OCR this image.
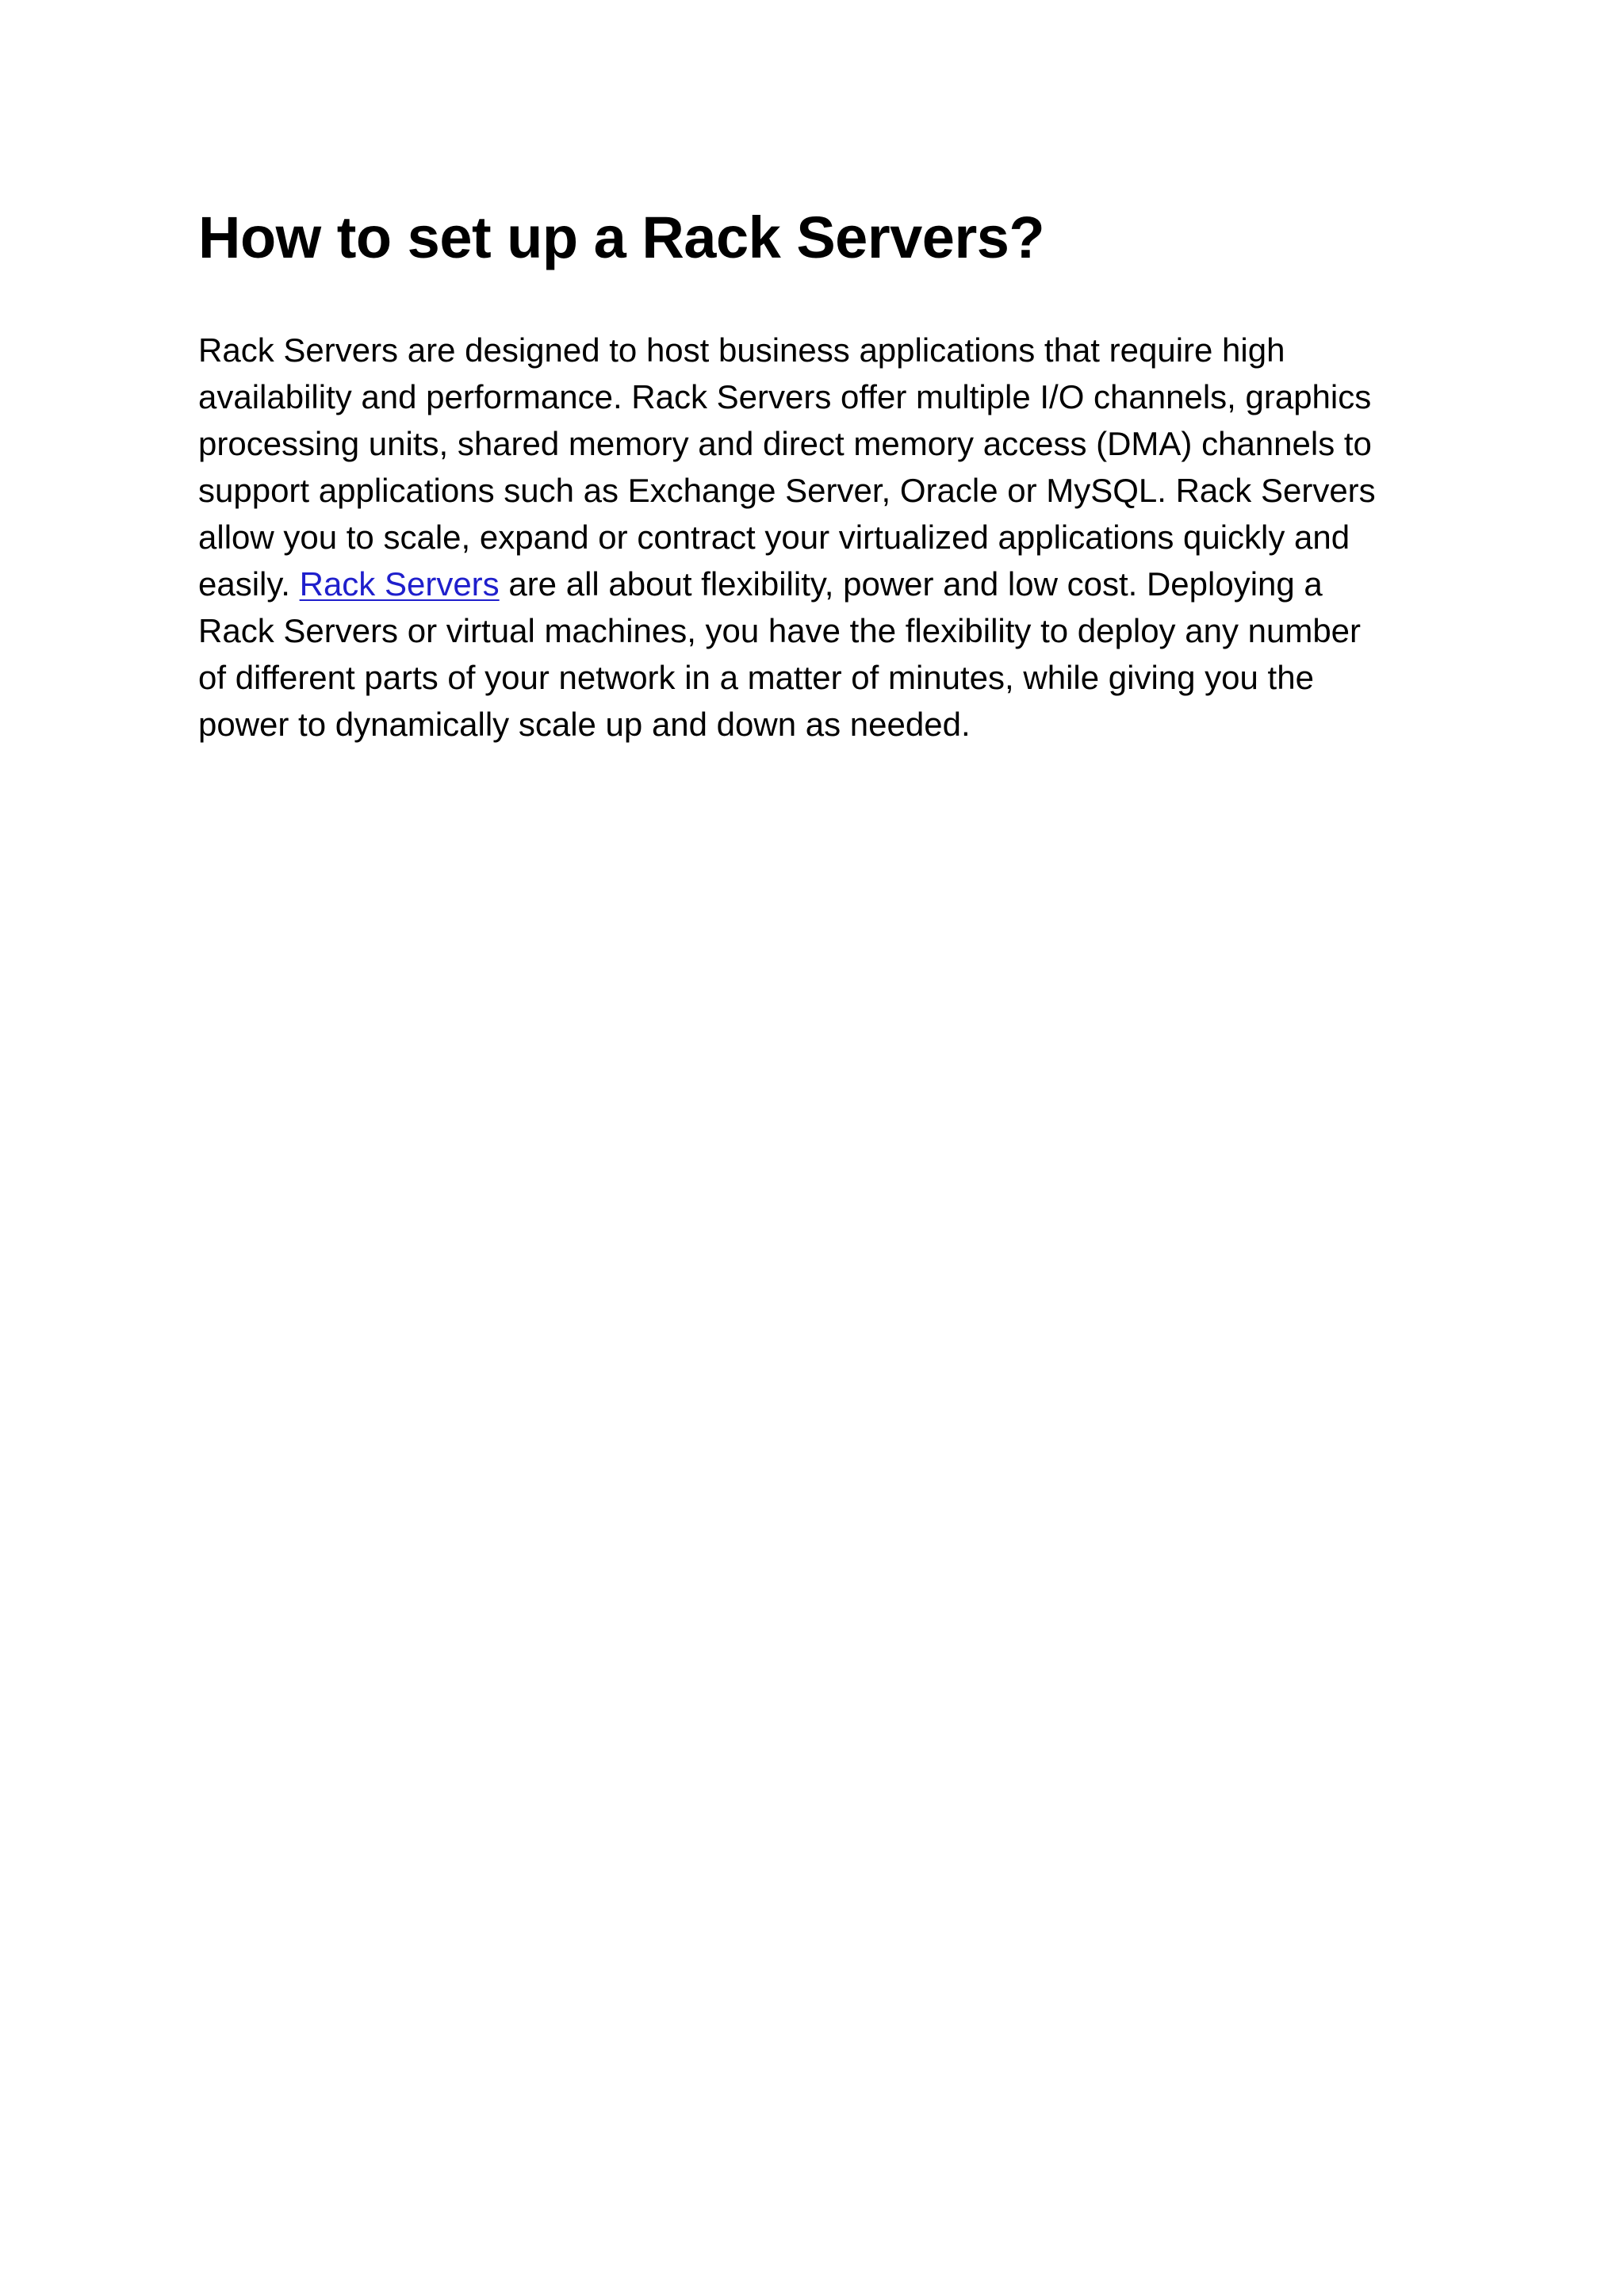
How to set up a Rack Servers?

Rack Servers are designed to host business applications that require high
availability and performance. Rack Servers offer multiple I/O channels, graphics
processing units, shared memory and direct memory access (DMA) channels to
support applications such as Exchange Server, Oracle or MySQL. Rack Servers
allow you to scale, expand or contract your virtualized applications quickly and
easily. Rack Servers are all about flexibility, power and low cost. Deploying a
Rack Servers or virtual machines, you have the flexibility to deploy any number
of different parts of your network in a matter of minutes, while giving you the
power to dynamically scale up and down as needed.
